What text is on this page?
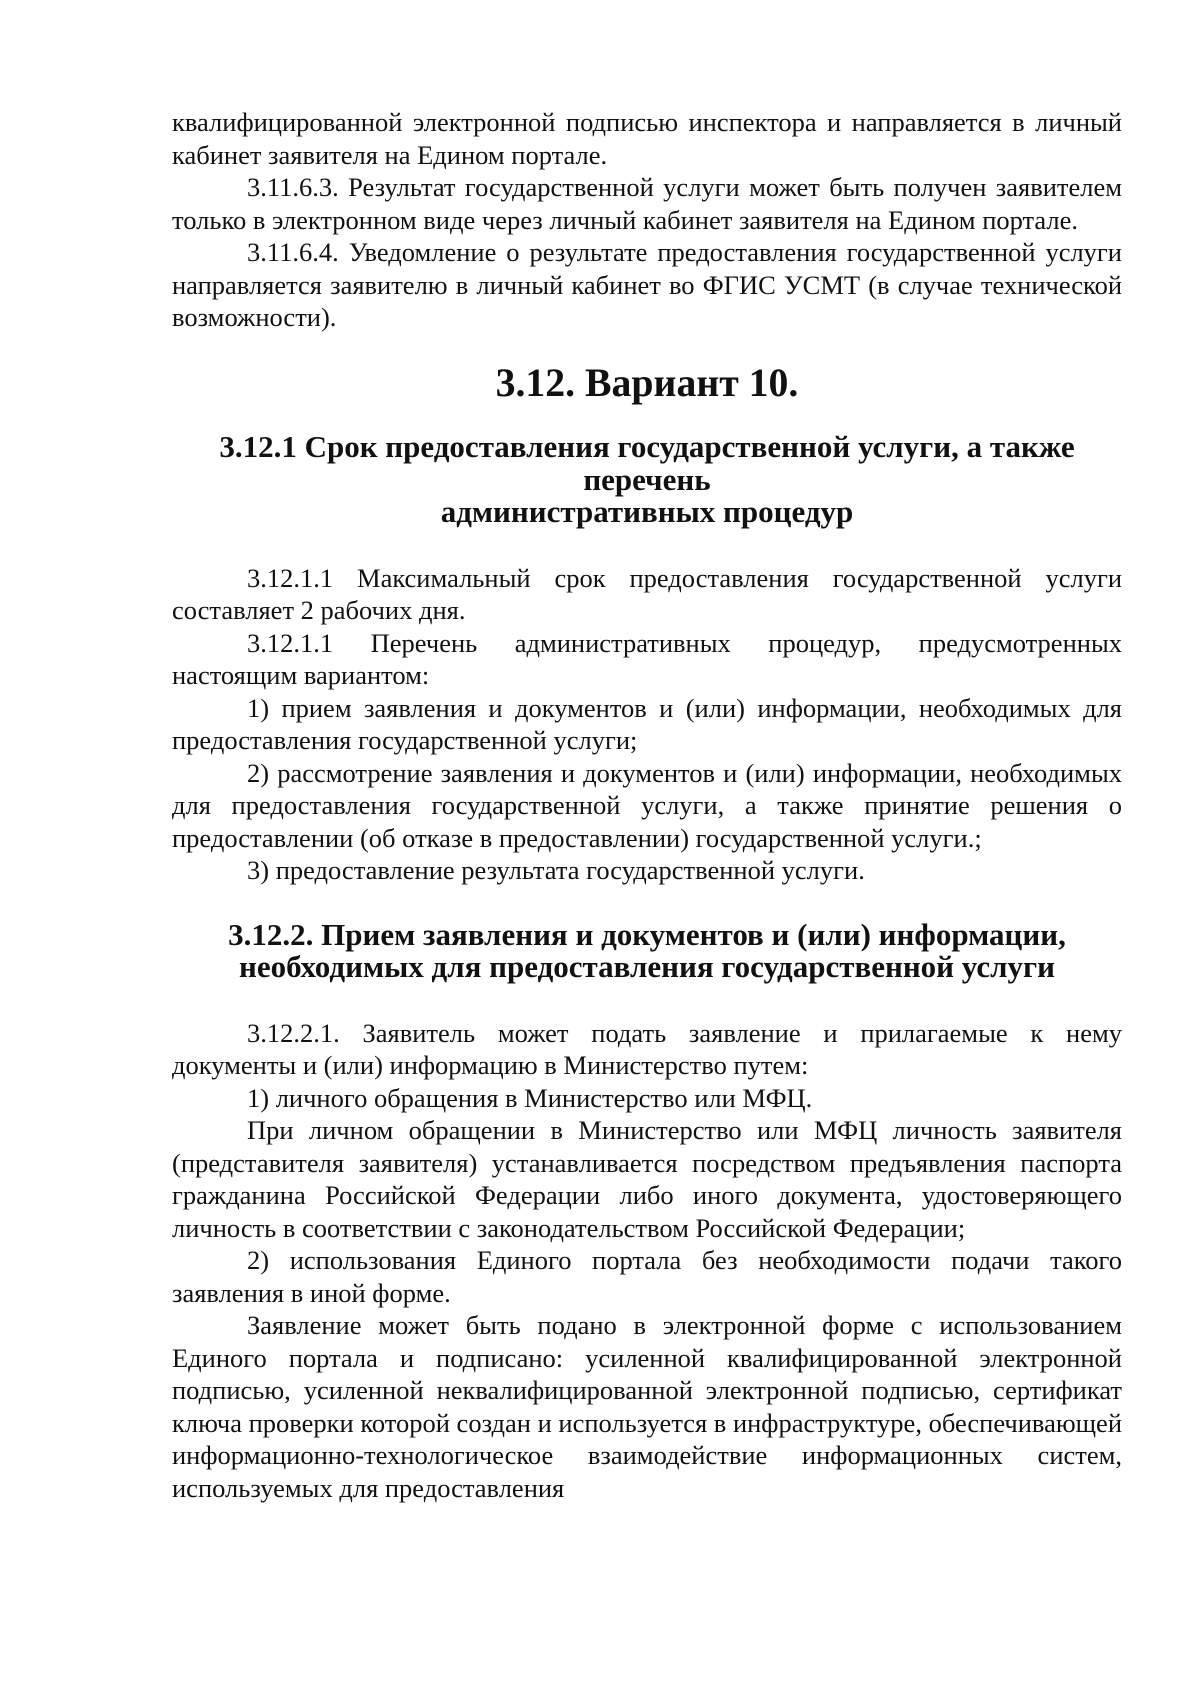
квалифицированной электронной подписью инспектора и направляется в личный кабинет заявителя на Едином портале.

3.11.6.3. Результат государственной услуги может быть получен заявителем только в электронном виде через личный кабинет заявителя на Едином портале.

3.11.6.4. Уведомление о результате предоставления государственной услуги направляется заявителю в личный кабинет во ФГИС УСМТ (в случае технической возможности).

3.12. Вариант 10.
3.12.1 Срок предоставления государственной услуги, а также перечень
административных процедур

3.12.1.1 Максимальный срок предоставления государственной услуги составляет 2 рабочих дня.

3.12.1.1 Перечень административных процедур, предусмотренных настоящим вариантом:

1) прием заявления и документов и (или) информации, необходимых для предоставления государственной услуги;

2) рассмотрение заявления и документов и (или) информации, необходимых для предоставления государственной услуги, а также принятие решения о предоставлении (об отказе в предоставлении) государственной услуги.;

3) предоставление результата государственной услуги.

3.12.2. Прием заявления и документов и (или) информации,
необходимых для предоставления государственной услуги

3.12.2.1. Заявитель может подать заявление и прилагаемые к нему документы и (или) информацию в Министерство путем:

1) личного обращения в Министерство или МФЦ.

При личном обращении в Министерство или МФЦ личность заявителя (представителя заявителя) устанавливается посредством предъявления паспорта гражданина Российской Федерации либо иного документа, удостоверяющего личность в соответствии с законодательством Российской Федерации;

2) использования Единого портала без необходимости подачи такого заявления в иной форме.

Заявление может быть подано в электронной форме с использованием Единого портала и подписано: усиленной квалифицированной электронной подписью, усиленной неквалифицированной электронной подписью, сертификат ключа проверки которой создан и используется в инфраструктуре, обеспечивающей информационно-технологическое взаимодействие информационных систем, используемых для предоставления
